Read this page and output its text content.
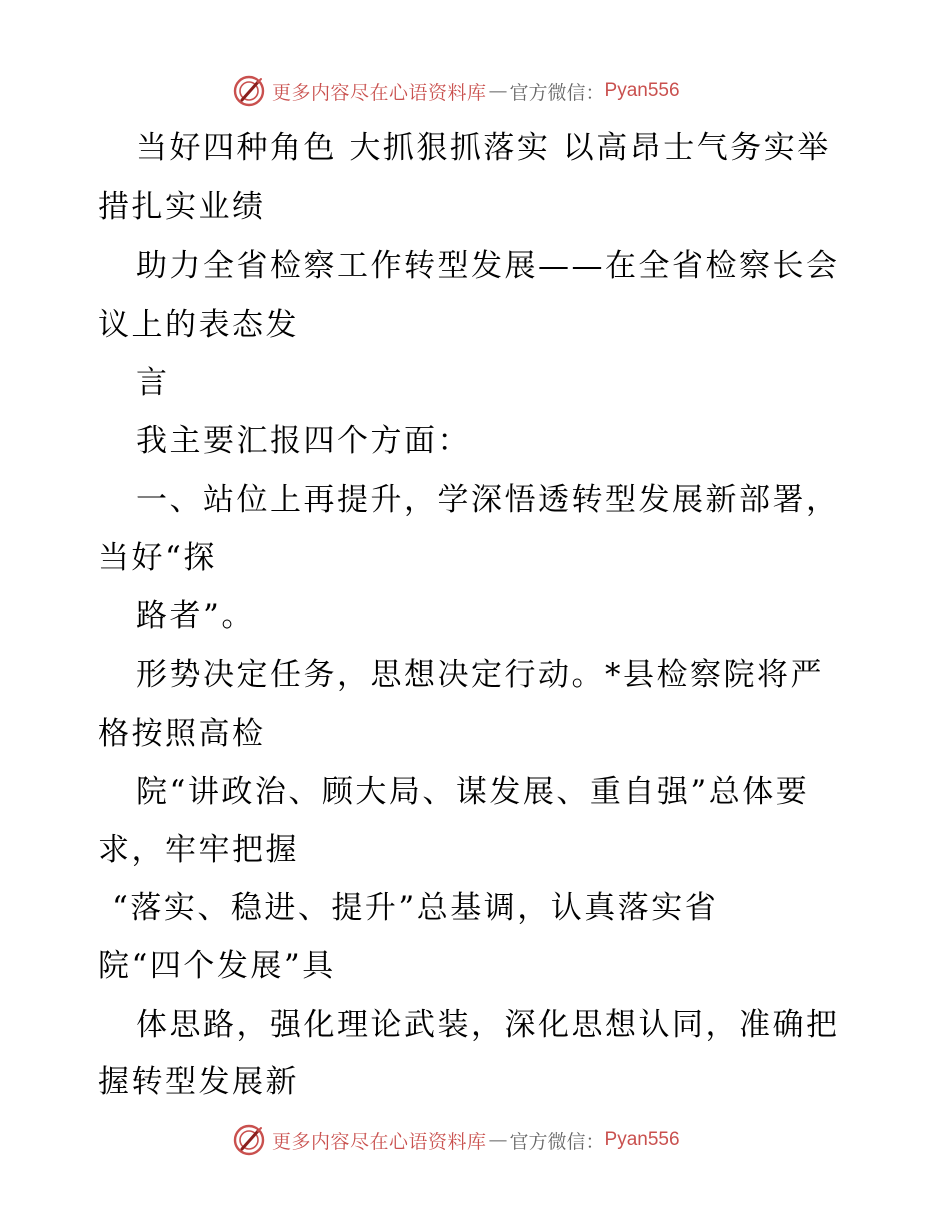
更多内容尽在心语资料库 — 官方微信： Pyan556
当好四种角色 大抓狠抓落实 以高昂士气务实举
措扎实业绩
助力全省检察工作转型发展——在全省检察长会
议上的表态发
言
我主要汇报四个方面：
一、站位上再提升，学深悟透转型发展新部署，
当好“探
路者”。
形势决定任务，思想决定行动。*县检察院将严
格按照高检
院“讲政治、顾大局、谋发展、重自强”总体要
求，牢牢把握
“落实、稳进、提升”总基调，认真落实省
院“四个发展”具
体思路，强化理论武装，深化思想认同，准确把
握转型发展新
更多内容尽在心语资料库 — 官方微信： Pyan556
